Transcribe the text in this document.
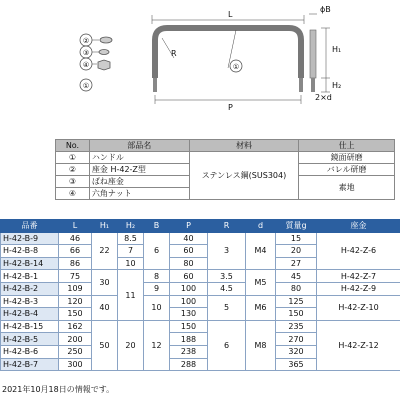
②
③
④
①
①
L
P
R
ϕB
H₁
H₂
2×d
No.	部品名	材料	仕上
①	ハンドル	ステンレス鋼(SUS304)	鏡面研磨
②	座金 H-42-Z型		バレル研磨
③	ばね座金		素地
④	六角ナット		
品番	L	H₁	H₂	B	P	R	d	質量g	座金
H-42-B-9	46	22	8.5	6	40	3	M4	15	H-42-Z-6
H-42-B-8	66		7		60			20	
H-42-B-14	86		10		80			27	
H-42-B-1	75	30	11	8	60	3.5	M5	45	H-42-Z-7
H-42-B-2	109			9	100	4.5		80	H-42-Z-9
H-42-B-3	120	40		10	100	5	M6	125	H-42-Z-10
H-42-B-4	150				130			150	
H-42-B-15	162	50	20	12	150	6	M8	235	H-42-Z-12
H-42-B-5	200				188			270	
H-42-B-6	250				238			320	
H-42-B-7	300				288			365	
2021年10月18日の情報です。
